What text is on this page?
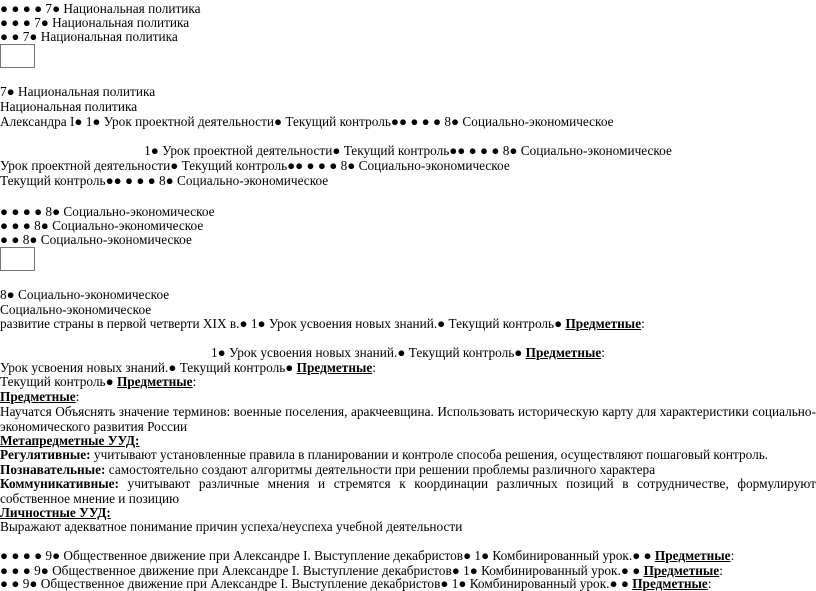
● ● ● ● 7● Национальная политика
● ● ● 7● Национальная политика
● ● 7● Национальная политика
7● Национальная политика
Национальная политика
Александра I● 1● Урок проектной деятельности● Текущий контроль●● ● ● ● 8● Социально-экономическое
1● Урок проектной деятельности● Текущий контроль●● ● ● ● 8● Социально-экономическое
Урок проектной деятельности● Текущий контроль●● ● ● ● 8● Социально-экономическое
Текущий контроль●● ● ● ● 8● Социально-экономическое
● ● ● ● 8● Социально-экономическое
● ● ● 8● Социально-экономическое
● ● 8● Социально-экономическое
8● Социально-экономическое
Социально-экономическое
развитие страны в первой четверти XIX в.● 1● Урок усвоения новых знаний.● Текущий контроль● Предметные:
1● Урок усвоения новых знаний.● Текущий контроль● Предметные:
Урок усвоения новых знаний.● Текущий контроль● Предметные:
Текущий контроль● Предметные:
Предметные:
Научатся Объяснять значение терминов: военные поселения, аракчеевщина. Использовать историческую карту для характеристики социально-экономического развития России
Метапредметные УУД:
Регулятивные: учитывают установленные правила в планировании и контроле способа решения, осуществляют пошаговый контроль.
Познавательные: самостоятельно создают алгоритмы деятельности при решении проблемы различного характера
Коммуникативные: учитывают различные мнения и стремятся к координации различных позиций в сотрудничестве, формулируют собственное мнение и позицию
Личностные УУД:
Выражают адекватное понимание причин успеха/неуспеха учебной деятельности
● ● ● ● 9● Общественное движение при Александре I. Выступление декабристов● 1● Комбинированный урок.● ● Предметные:
● ● ● 9● Общественное движение при Александре I. Выступление декабристов● 1● Комбинированный урок.● ● Предметные:
● ● 9● Общественное движение при Александре I. Выступление декабристов● 1● Комбинированный урок.● ● Предметные:
